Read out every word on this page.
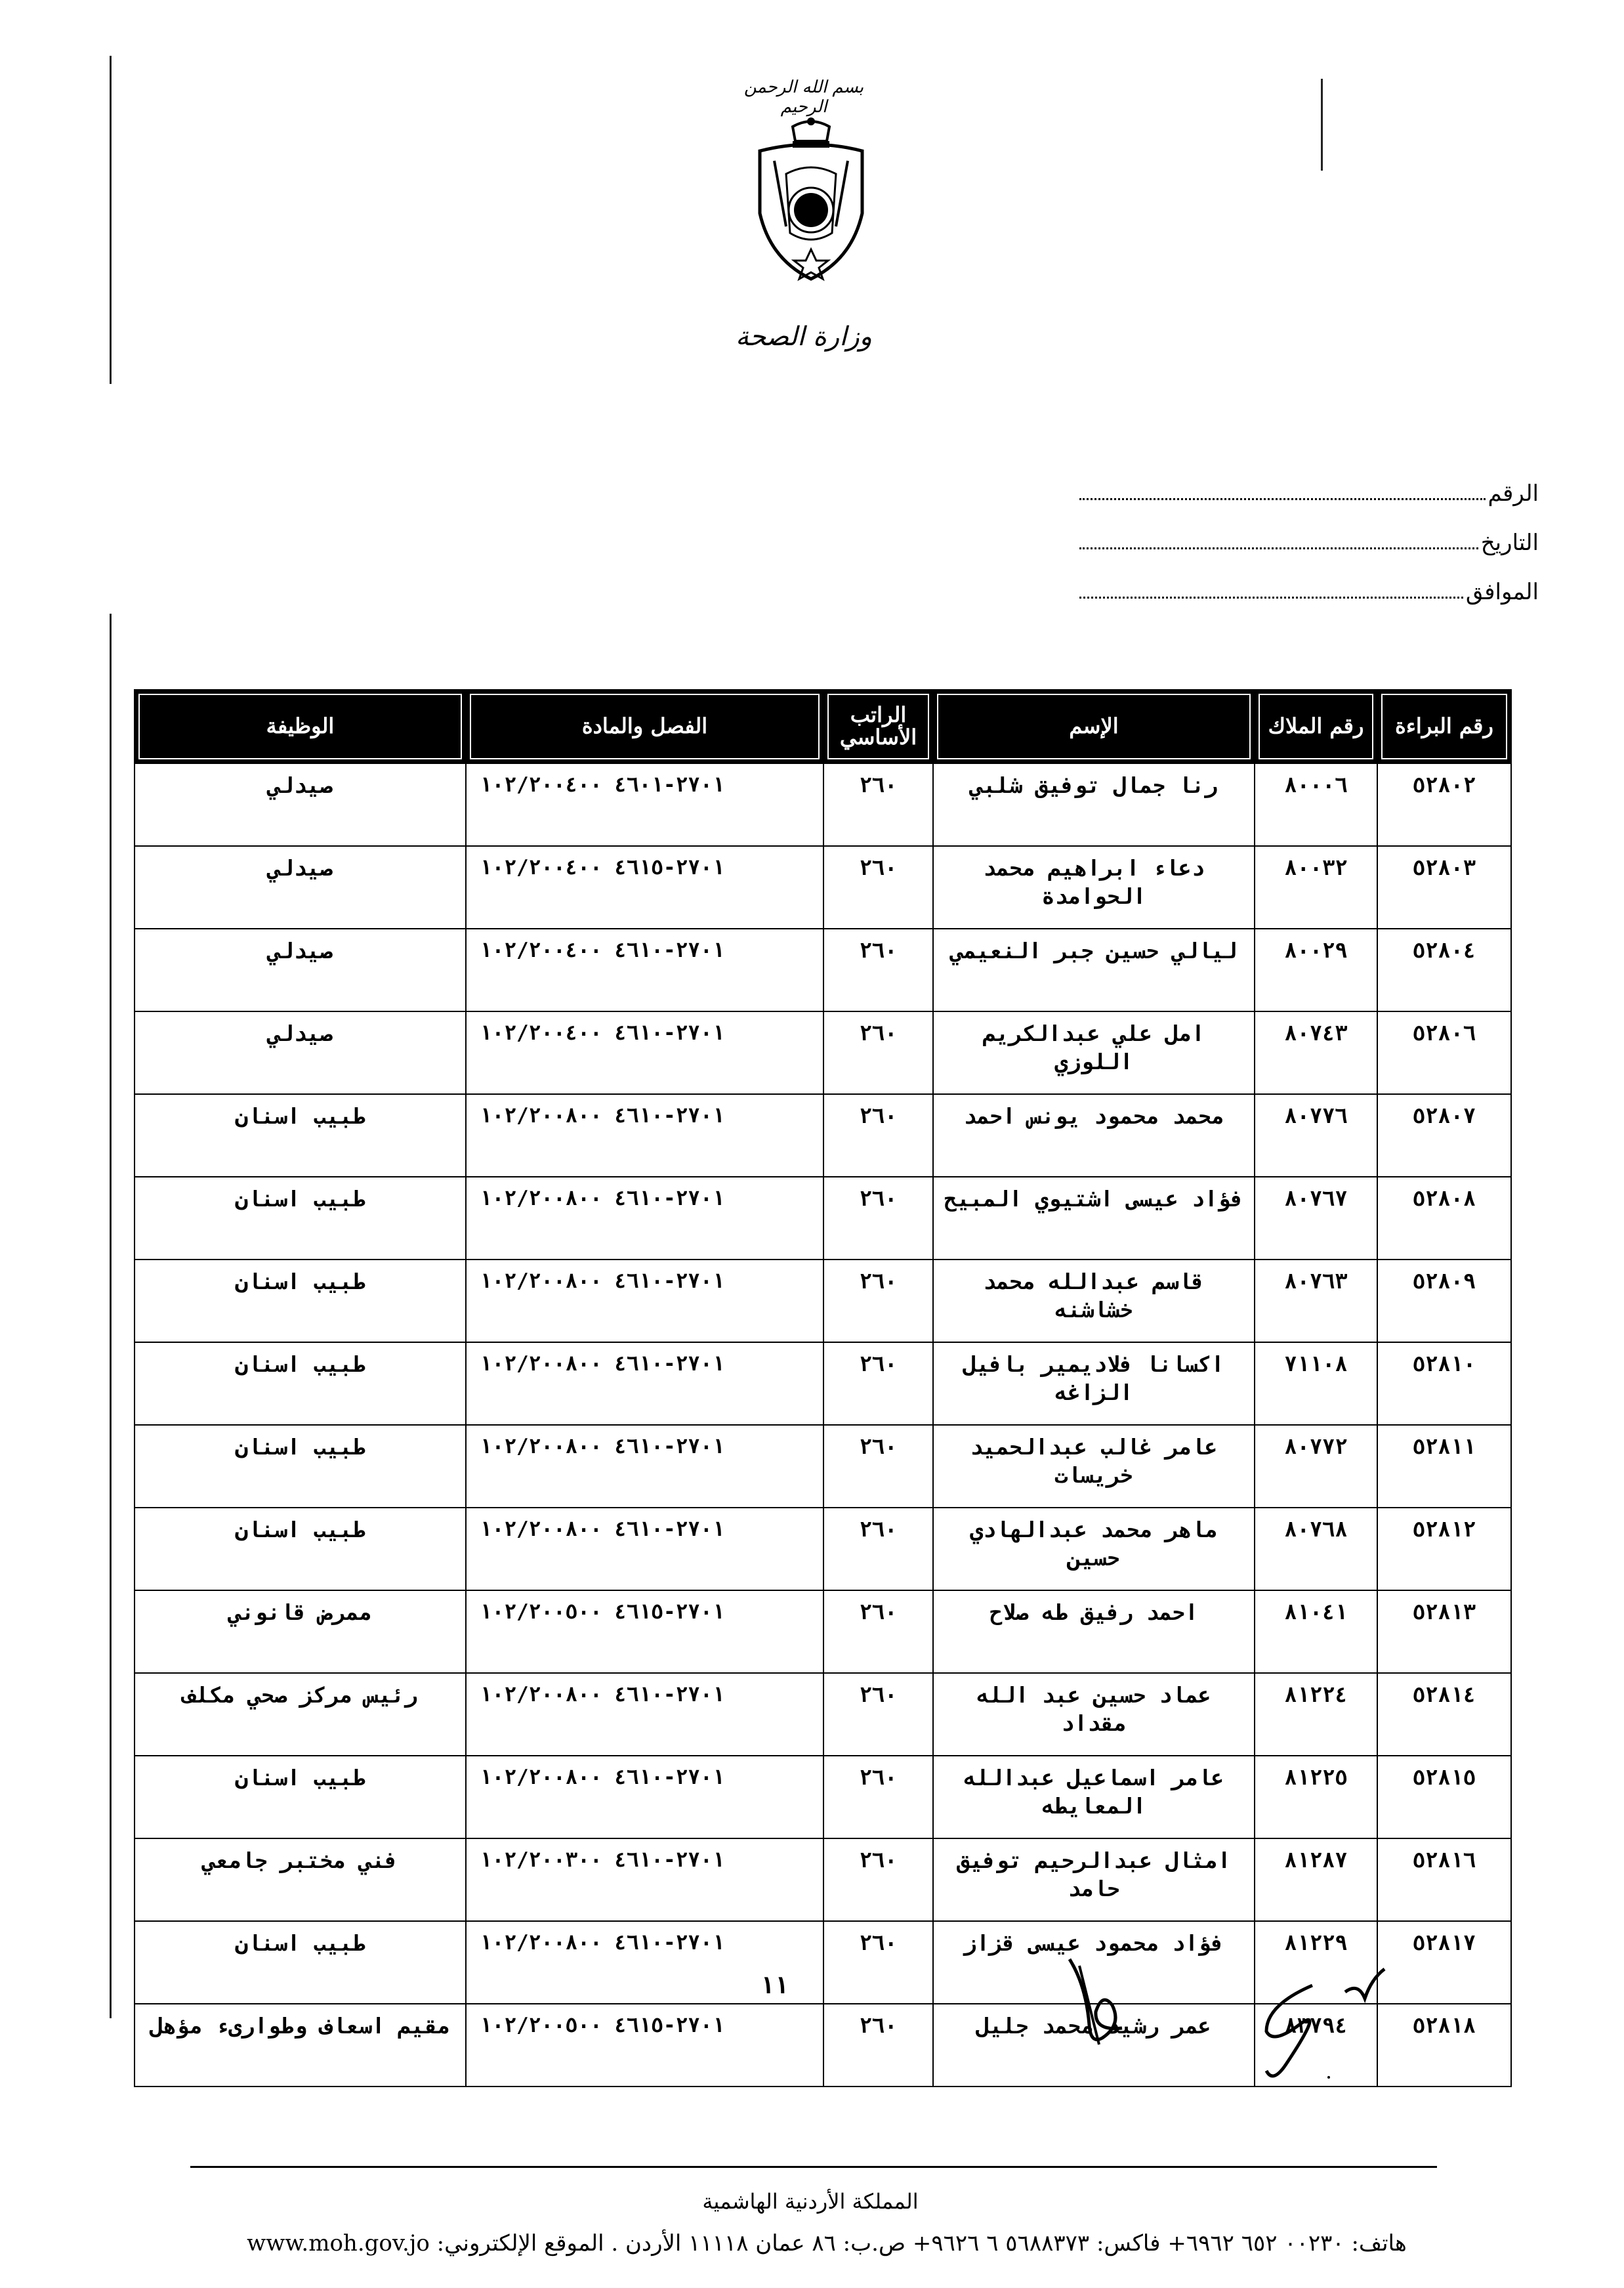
بسم الله الرحمن الرحيم
وزارة الصحة
الرقم
التاريخ
الموافق
رقم البراءة	رقم الملاك	الإسم	الراتب الأساسي	الفصل والمادة	الوظيفة
٥٢٨٠٢	٨٠٠٠٦	رنا جمال توفيق شلبي	٢٦٠	٢٧٠١-٤٦٠١ ١٠٢/٢٠٠٤٠٠	صيدلي
٥٢٨٠٣	٨٠٠٣٢	دعاء ابراهيم محمد الحوامدة	٢٦٠	٢٧٠١-٤٦١٥ ١٠٢/٢٠٠٤٠٠	صيدلي
٥٢٨٠٤	٨٠٠٢٩	ليالي حسين جبر النعيمي	٢٦٠	٢٧٠١-٤٦١٠ ١٠٢/٢٠٠٤٠٠	صيدلي
٥٢٨٠٦	٨٠٧٤٣	امل علي عبدالكريم اللوزي	٢٦٠	٢٧٠١-٤٦١٠ ١٠٢/٢٠٠٤٠٠	صيدلي
٥٢٨٠٧	٨٠٧٧٦	محمد محمود يونس احمد	٢٦٠	٢٧٠١-٤٦١٠ ١٠٢/٢٠٠٨٠٠	طبيب اسنان
٥٢٨٠٨	٨٠٧٦٧	فؤاد عيسى اشتيوي المبيح	٢٦٠	٢٧٠١-٤٦١٠ ١٠٢/٢٠٠٨٠٠	طبيب اسنان
٥٢٨٠٩	٨٠٧٦٣	قاسم عبدالله محمد خشاشنه	٢٦٠	٢٧٠١-٤٦١٠ ١٠٢/٢٠٠٨٠٠	طبيب اسنان
٥٢٨١٠	٧١١٠٨	اكسانا فلاديمير بافيل الزاغه	٢٦٠	٢٧٠١-٤٦١٠ ١٠٢/٢٠٠٨٠٠	طبيب اسنان
٥٢٨١١	٨٠٧٧٢	عامر غالب عبدالحميد خريسات	٢٦٠	٢٧٠١-٤٦١٠ ١٠٢/٢٠٠٨٠٠	طبيب اسنان
٥٢٨١٢	٨٠٧٦٨	ماهر محمد عبدالهادي حسين	٢٦٠	٢٧٠١-٤٦١٠ ١٠٢/٢٠٠٨٠٠	طبيب اسنان
٥٢٨١٣	٨١٠٤١	احمد رفيق طه صلاح	٢٦٠	٢٧٠١-٤٦١٥ ١٠٢/٢٠٠٥٠٠	ممرض قانوني
٥٢٨١٤	٨١٢٢٤	عماد حسين عبد الله مقداد	٢٦٠	٢٧٠١-٤٦١٠ ١٠٢/٢٠٠٨٠٠	رئيس مركز صحي مكلف
٥٢٨١٥	٨١٢٢٥	عامر اسماعيل عبدالله المعايطه	٢٦٠	٢٧٠١-٤٦١٠ ١٠٢/٢٠٠٨٠٠	طبيب اسنان
٥٢٨١٦	٨١٢٨٧	امثال عبدالرحيم توفيق حامد	٢٦٠	٢٧٠١-٤٦١٠ ١٠٢/٢٠٠٣٠٠	فني مختبر جامعي
٥٢٨١٧	٨١٢٢٩	فؤاد محمود عيسى قزاز	٢٦٠	٢٧٠١-٤٦١٠ ١٠٢/٢٠٠٨٠٠	طبيب اسنان
٥٢٨١٨	٨٣٧٩٤	عمر رشيد محمد جليل	٢٦٠	٢٧٠١-٤٦١٥ ١٠٢/٢٠٠٥٠٠	مقيم اسعاف وطوارىء مؤهل
١١
المملكة الأردنية الهاشمية
هاتف: ٠٠٢٣٠ ٦٥٢ ٦٩٦٢+ فاكس: ٥٦٨٨٣٧٣ ٦ ٩٦٢٦+ ص.ب: ٨٦ عمان ١١١١٨ الأردن . الموقع الإلكتروني: www.moh.gov.jo
